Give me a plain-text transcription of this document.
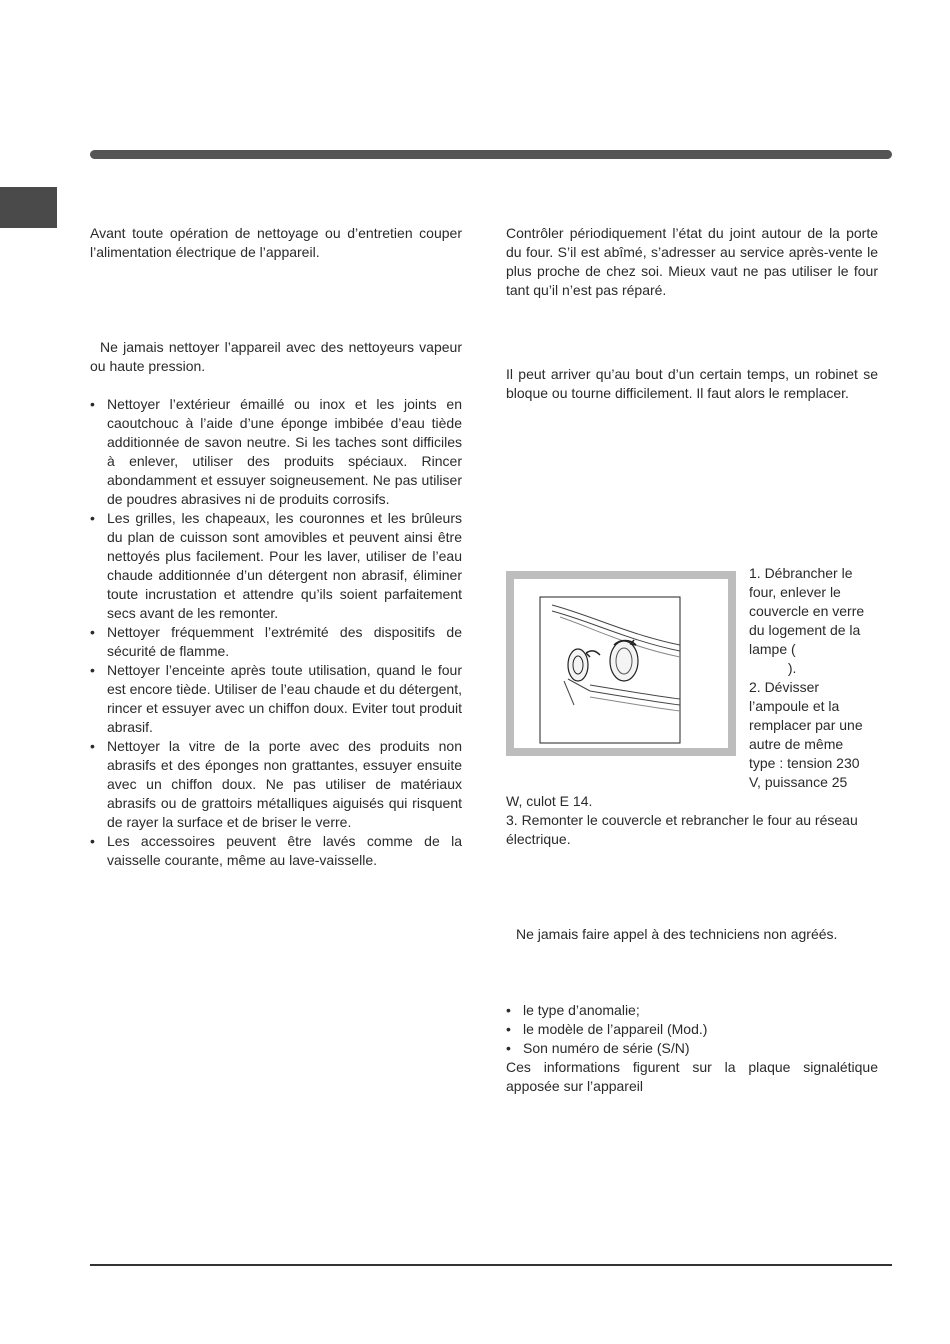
Avant toute opération de nettoyage ou d’entretien couper l’alimentation électrique de l’appareil.

Ne jamais nettoyer l’appareil avec des nettoyeurs vapeur ou haute pression.

• Nettoyer l’extérieur émaillé ou inox et les joints en caoutchouc à l’aide d’une éponge imbibée d’eau tiède additionnée de savon neutre. Si les taches sont difficiles à enlever, utiliser des produits spéciaux. Rincer abondamment et essuyer soigneusement. Ne pas utiliser de poudres abrasives ni de produits corrosifs.
• Les grilles, les chapeaux, les couronnes et les brûleurs du plan de cuisson sont amovibles et peuvent ainsi être nettoyés plus facilement. Pour les laver, utiliser de l’eau chaude additionnée d’un détergent non abrasif, éliminer toute incrustation et attendre qu’ils soient parfaitement secs avant de les remonter.
• Nettoyer fréquemment l’extrémité des dispositifs de sécurité de flamme.
• Nettoyer l’enceinte après toute utilisation, quand le four est encore tiède. Utiliser de l’eau chaude et du détergent, rincer et essuyer avec un chiffon doux. Eviter tout produit abrasif.
• Nettoyer la vitre de la porte avec des produits non abrasifs et des éponges non grattantes, essuyer ensuite avec un chiffon doux. Ne pas utiliser de matériaux abrasifs ou de grattoirs métalliques aiguisés qui risquent de rayer la surface et de briser le verre.
• Les accessoires peuvent être lavés comme de la vaisselle courante, même au lave-vaisselle.

Contrôler périodiquement l’état du joint autour de la porte du four. S’il est abîmé, s’adresser au service après-vente le plus proche de chez soi. Mieux vaut ne pas utiliser le four tant qu’il n’est pas réparé.

Il peut arriver qu’au bout d’un certain temps, un robinet se bloque ou tourne difficilement. Il faut alors le remplacer.

1. Débrancher le
four, enlever le
couvercle en verre
du logement de la
lampe (
).
2. Dévisser
l’ampoule et la
remplacer par une
autre de même
type : tension 230
V, puissance 25

W, culot E 14.

3. Remonter le couvercle et rebrancher le four au réseau électrique.

Ne jamais faire appel à des techniciens non agréés.

• le type d’anomalie;
• le modèle de l’appareil (Mod.)
• Son numéro de série (S/N)

Ces informations figurent sur la plaque signalétique apposée sur l’appareil
